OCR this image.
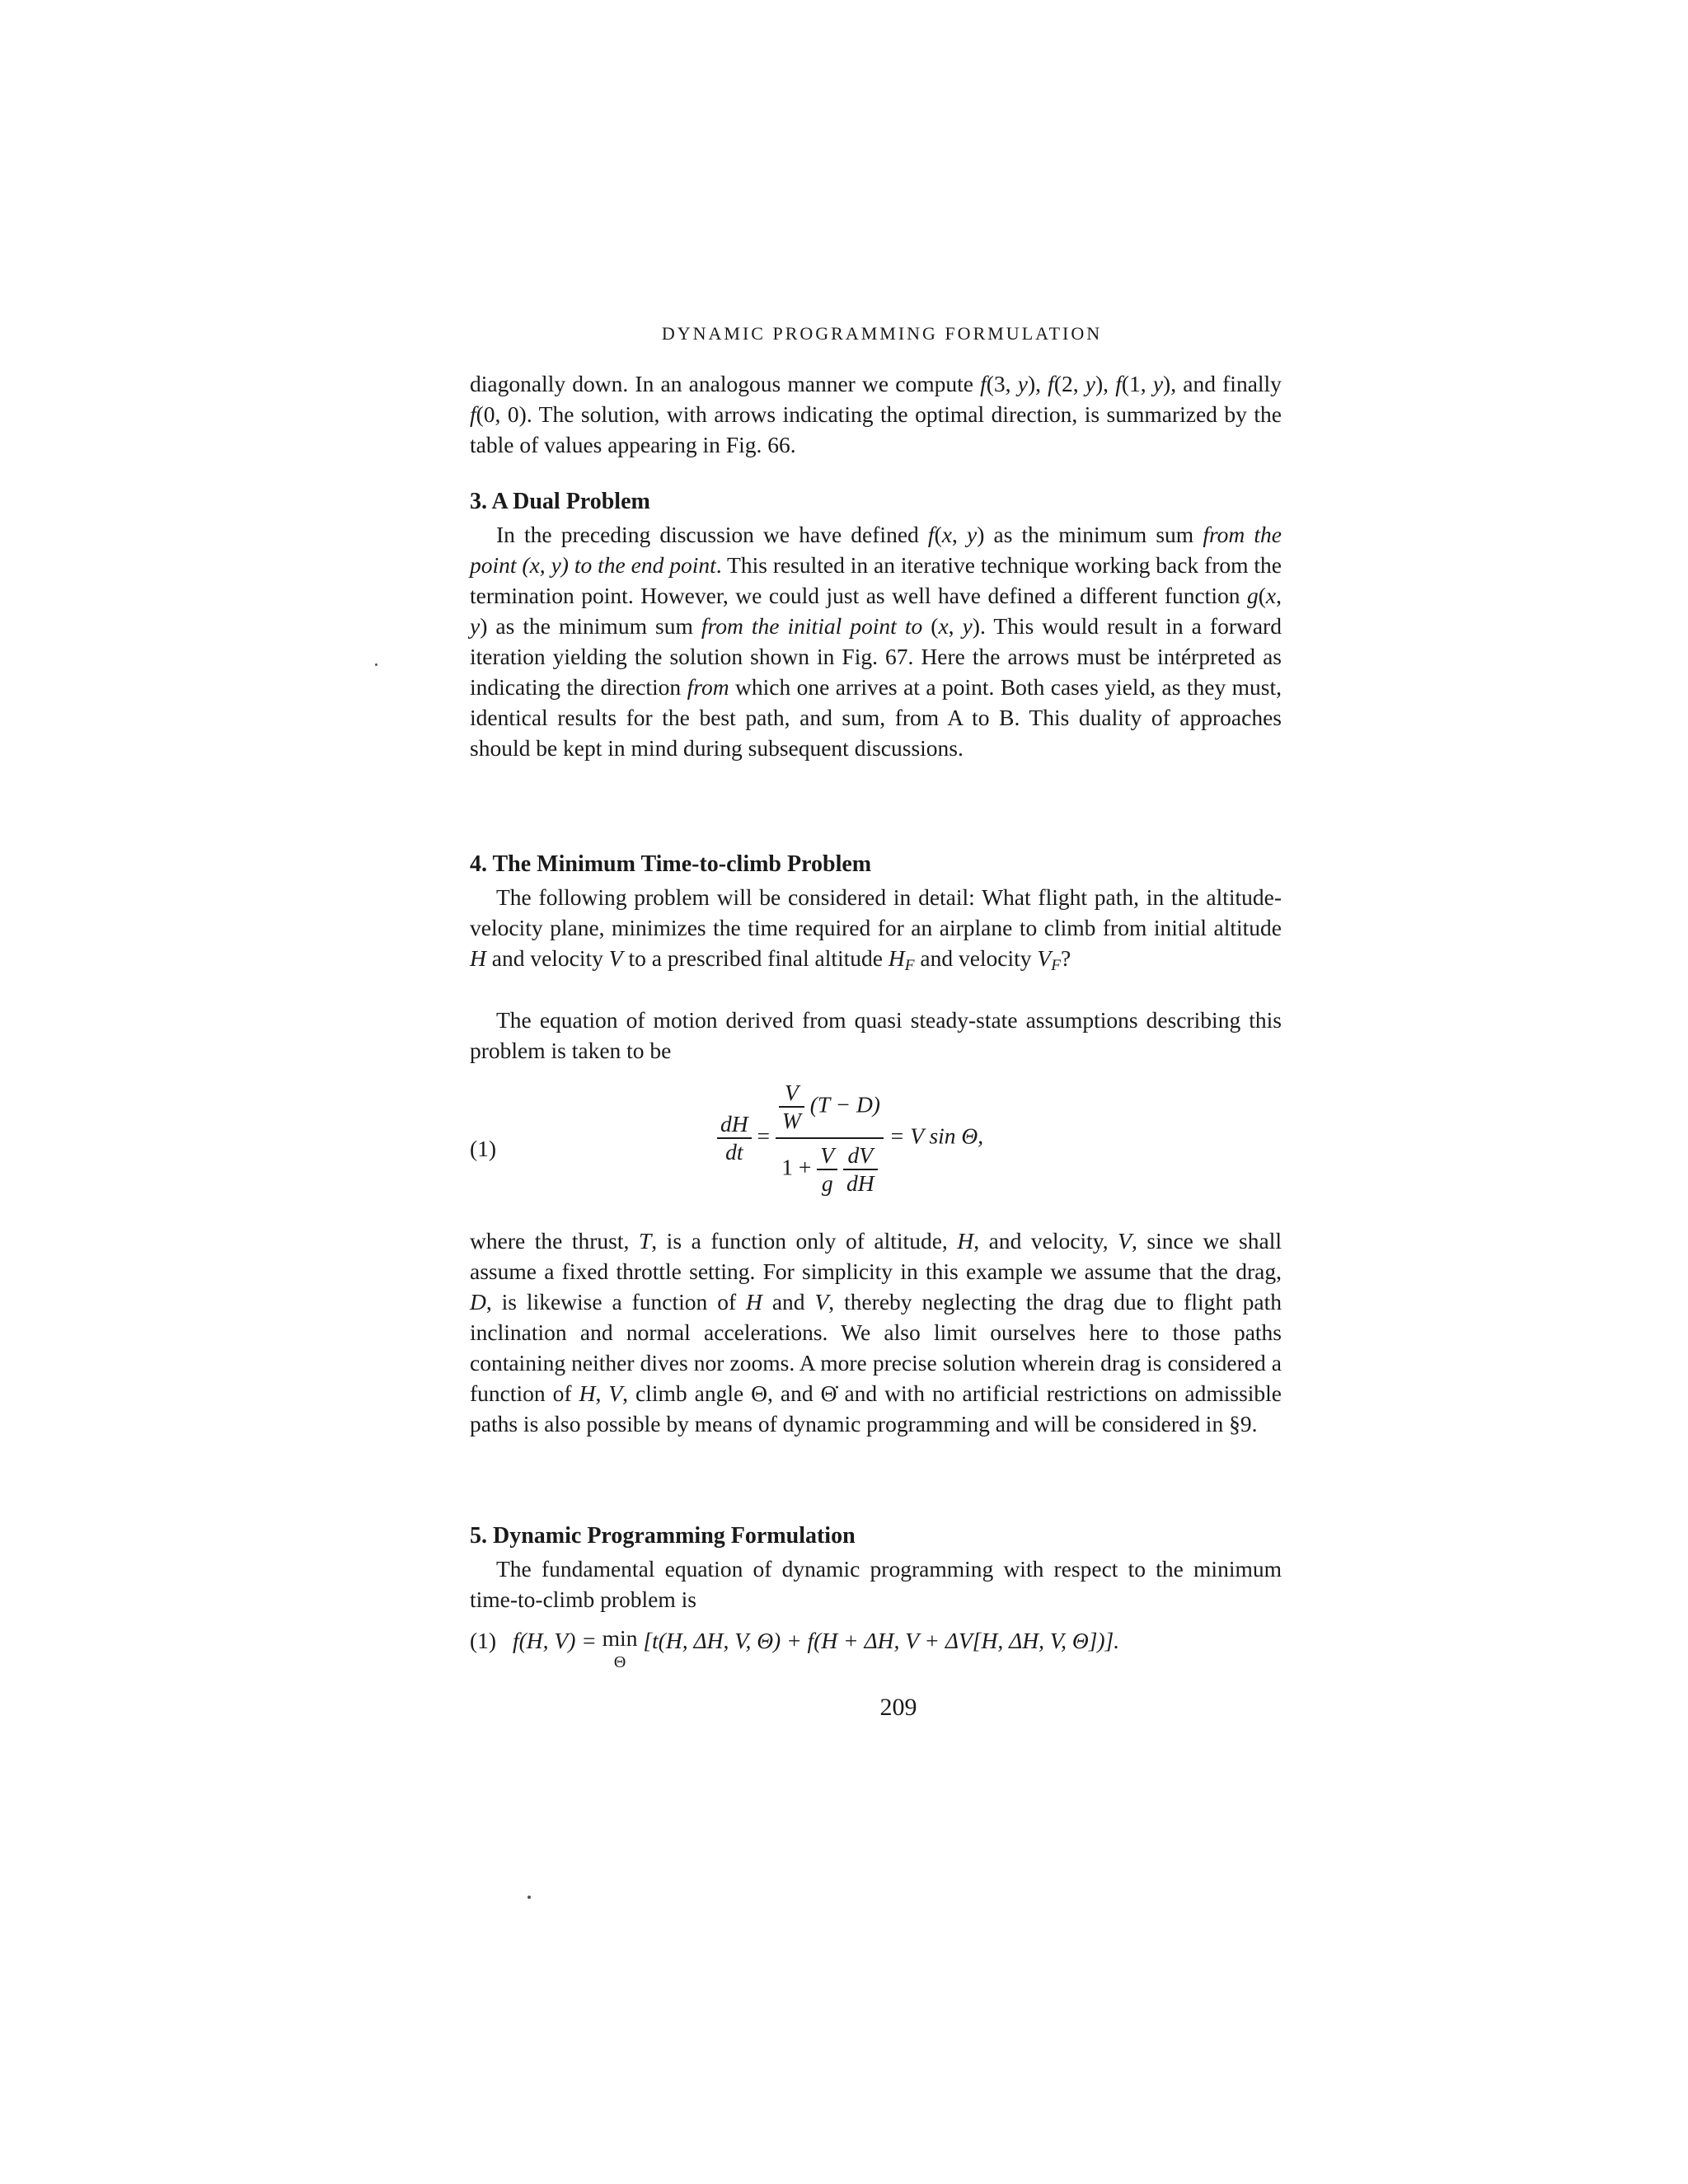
DYNAMIC PROGRAMMING FORMULATION

diagonally down. In an analogous manner we compute f(3, y), f(2, y), f(1, y), and finally f(0, 0). The solution, with arrows indicating the optimal direction, is summarized by the table of values appearing in Fig. 66.

3. A Dual Problem

In the preceding discussion we have defined f(x, y) as the minimum sum from the point (x, y) to the end point. This resulted in an iterative technique working back from the termination point. However, we could just as well have defined a different function g(x, y) as the minimum sum from the initial point to (x, y). This would result in a forward iteration yielding the solution shown in Fig. 67. Here the arrows must be intérpreted as indicating the direction from which one arrives at a point. Both cases yield, as they must, identical results for the best path, and sum, from A to B. This duality of approaches should be kept in mind during subsequent discussions.

4. The Minimum Time-to-climb Problem

The following problem will be considered in detail: What flight path, in the altitude-velocity plane, minimizes the time required for an airplane to climb from initial altitude H and velocity V to a prescribed final altitude $H_F$ and velocity $V_F$?

The equation of motion derived from quasi steady-state assumptions describing this problem is taken to be

(1)	$\frac{dH}{dt}$ =
$\frac{V}{W} (T - D)$
$1 + \frac{V}{g}$
$\frac{dV}{dH}$
= V sin Θ,

where the thrust, T, is a function only of altitude, H, and velocity, V, since we shall assume a fixed throttle setting. For simplicity in this example we assume that the drag, D, is likewise a function of H and V, thereby neglecting the drag due to flight path inclination and normal accelerations. We also limit ourselves here to those paths containing neither dives nor zooms. A more precise solution wherein drag is considered a function of H, V, climb angle Θ, and Θ̇ and with no artificial restrictions on admissible paths is also possible by means of dynamic programming and will be considered in §9.

5. Dynamic Programming Formulation

The fundamental equation of dynamic programming with respect to the minimum time-to-climb problem is

(1) f(H, V) = min
Θ [t(H, ΔH, V, Θ) + f(H + ΔH, V + ΔV[H, ΔH, V, Θ])].
209
